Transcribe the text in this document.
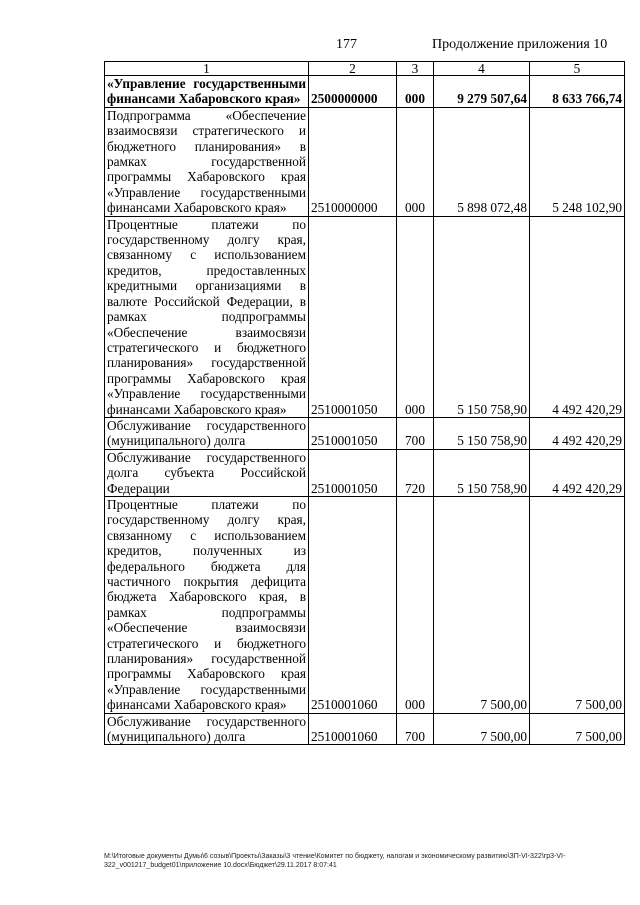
177	Продолжение приложения 10
1	2	3	4	5
«Управление государственными финансами Хабаровского края»	2500000000	000	9 279 507,64	8 633 766,74
Подпрограмма «Обеспечение взаимосвязи стратегического и бюджетного планирования» в рамках государственной программы Хабаровского края «Управление государственными финансами Хабаровского края»	2510000000	000	5 898 072,48	5 248 102,90
Процентные платежи по государственному долгу края, связанному с использованием кредитов, предоставленных кредитными организациями в валюте Российской Федерации, в рамках подпрограммы «Обеспечение взаимосвязи стратегического и бюджетного планирования» государственной программы Хабаровского края «Управление государственными финансами Хабаровского края»	2510001050	000	5 150 758,90	4 492 420,29
Обслуживание государственного (муниципального) долга	2510001050	700	5 150 758,90	4 492 420,29
Обслуживание государственного долга субъекта Российской Федерации	2510001050	720	5 150 758,90	4 492 420,29
Процентные платежи по государственному долгу края, связанному с использованием кредитов, полученных из федерального бюджета для частичного покрытия дефицита бюджета Хабаровского края, в рамках подпрограммы «Обеспечение взаимосвязи стратегического и бюджетного планирования» государственной программы Хабаровского края «Управление государственными финансами Хабаровского края»	2510001060	000	7 500,00	7 500,00
Обслуживание государственного (муниципального) долга	2510001060	700	7 500,00	7 500,00
M:\Итоговые документы Думы\6 созыв\Проекты\Заказы\3 чтение\Комитет по бюджету, налогам и экономическому развитию\ЗП-VI-322\гр3-VI-322_v001217_budget01\приложение 10.docx\Бюджет\29.11.2017 8:07:41
